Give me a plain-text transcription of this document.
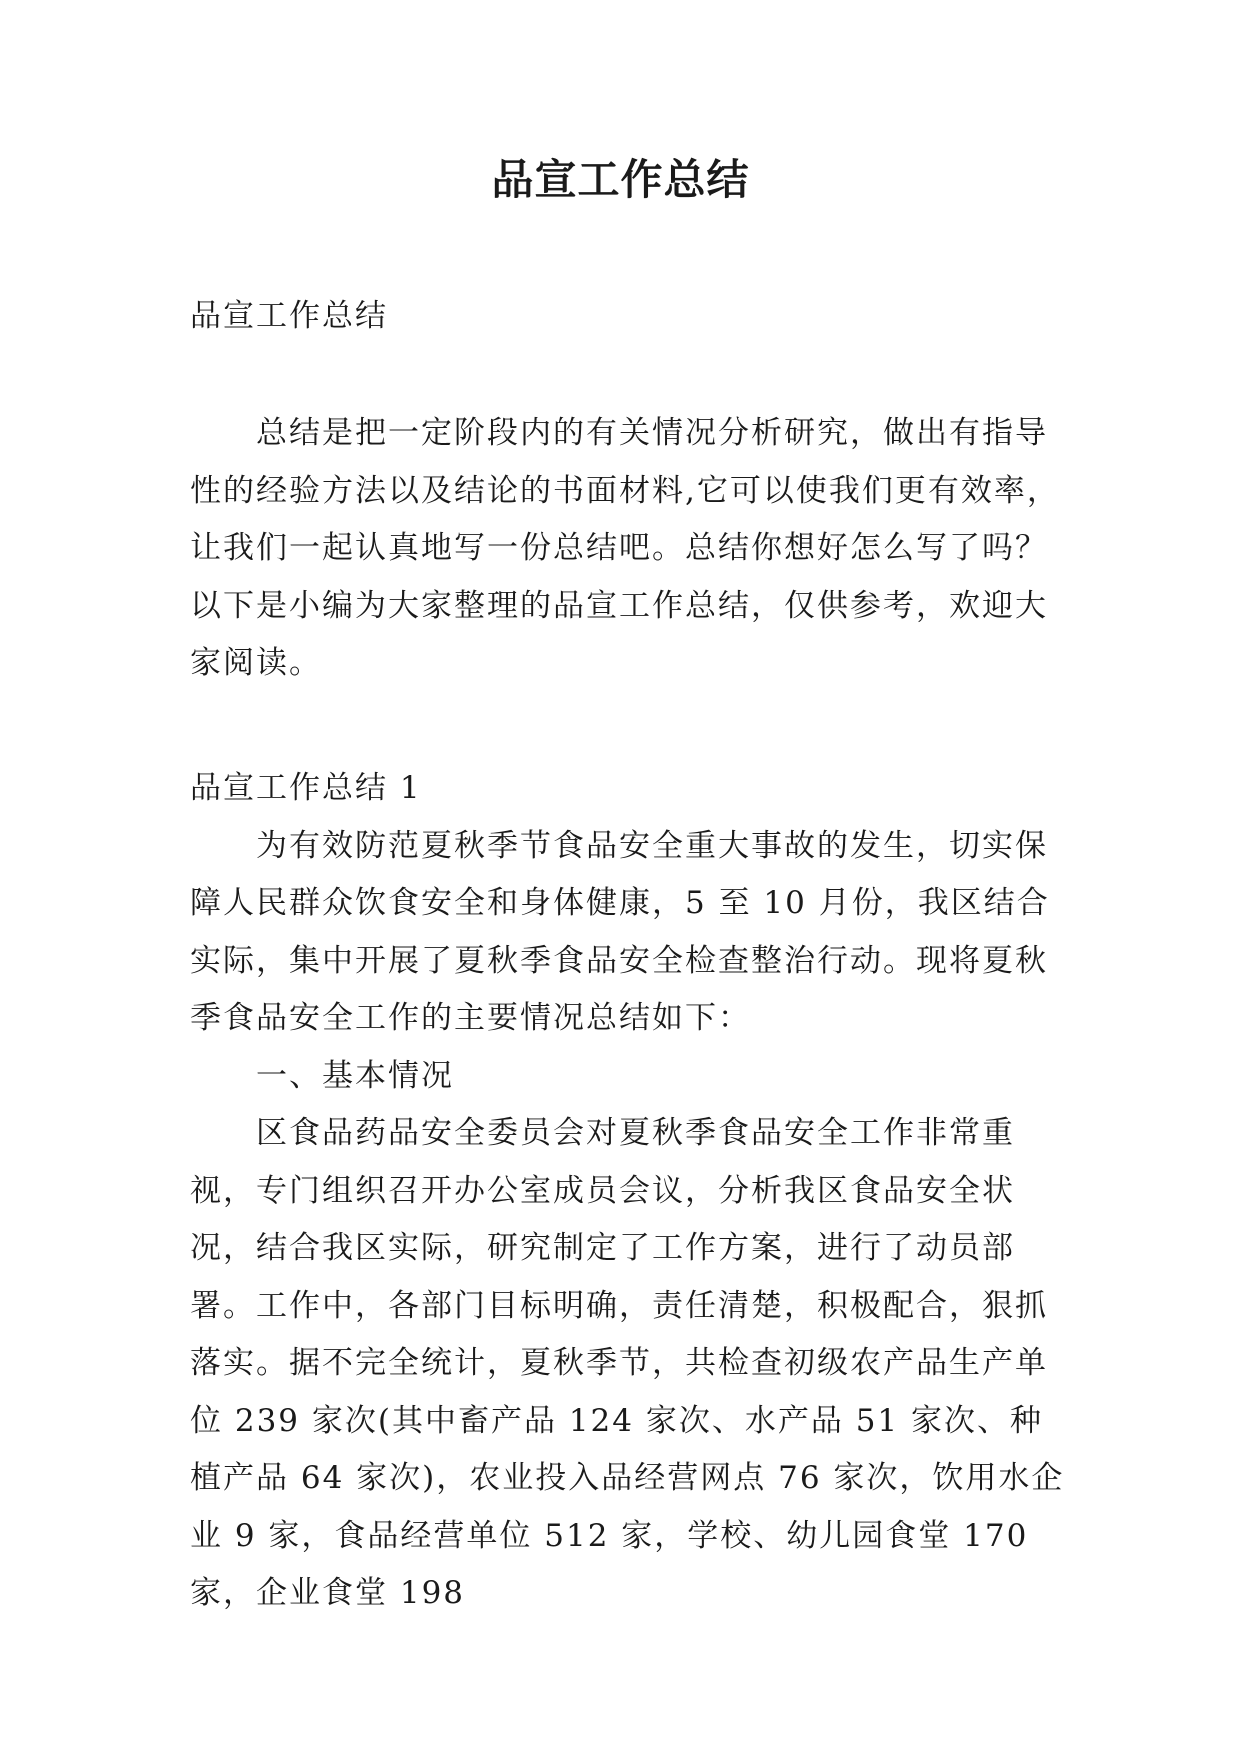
品宣工作总结
品宣工作总结

总结是把一定阶段内的有关情况分析研究，做出有指导性的经验方法以及结论的书面材料,它可以使我们更有效率，让我们一起认真地写一份总结吧。总结你想好怎么写了吗？以下是小编为大家整理的品宣工作总结，仅供参考，欢迎大家阅读。

品宣工作总结 1

为有效防范夏秋季节食品安全重大事故的发生，切实保障人民群众饮食安全和身体健康，5 至 10 月份，我区结合实际，集中开展了夏秋季食品安全检查整治行动。现将夏秋季食品安全工作的主要情况总结如下：

一、基本情况

区食品药品安全委员会对夏秋季食品安全工作非常重视，专门组织召开办公室成员会议，分析我区食品安全状况，结合我区实际，研究制定了工作方案，进行了动员部署。工作中，各部门目标明确，责任清楚，积极配合，狠抓落实。据不完全统计，夏秋季节，共检查初级农产品生产单位 239 家次(其中畜产品 124 家次、水产品 51 家次、种植产品 64 家次)，农业投入品经营网点 76 家次，饮用水企业 9 家，食品经营单位 512 家，学校、幼儿园食堂 170 家，企业食堂 198
